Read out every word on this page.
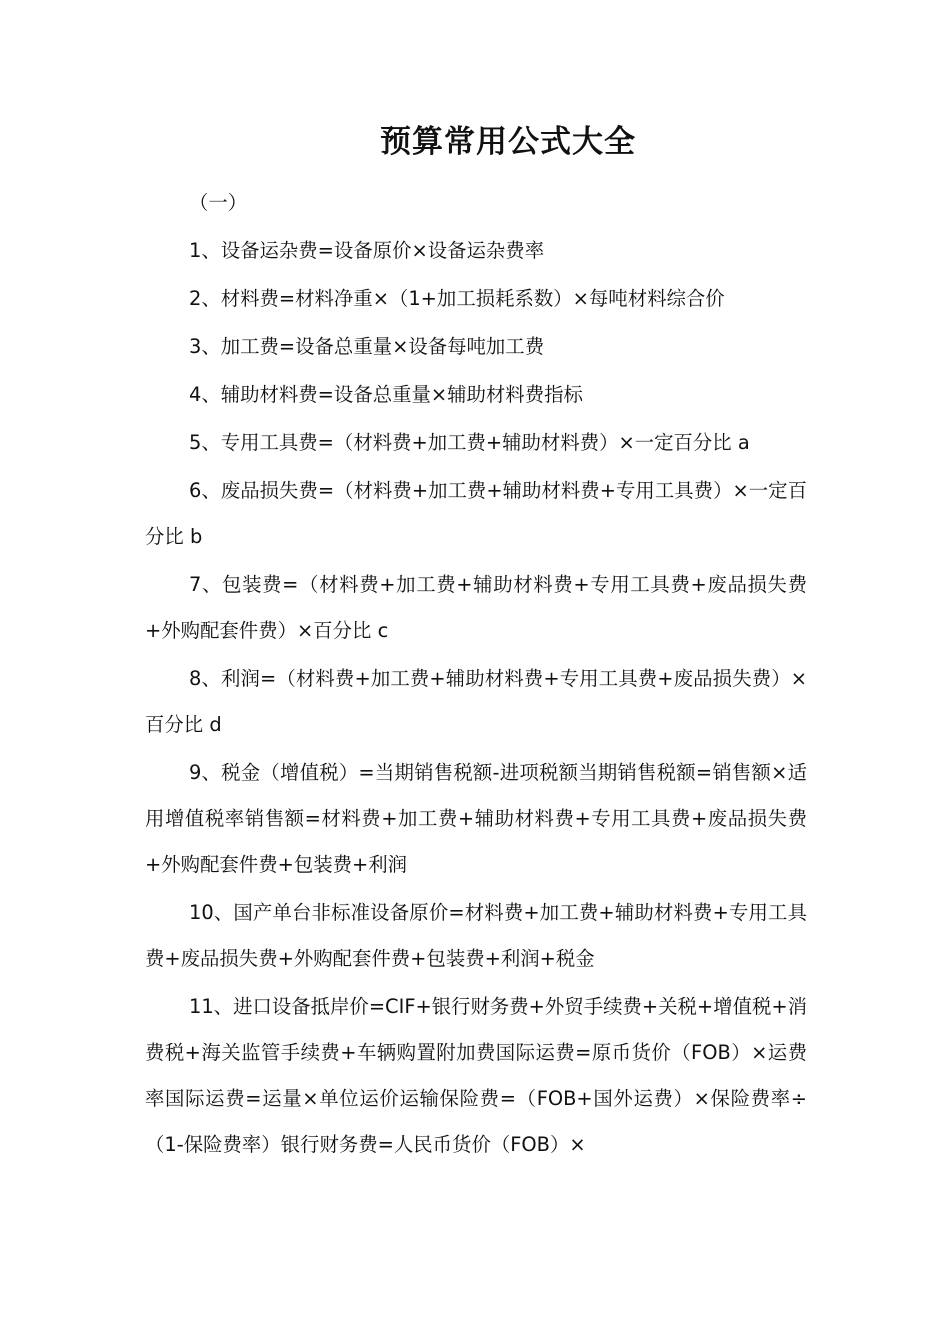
预算常用公式大全

（一）

1、设备运杂费=设备原价×设备运杂费率

2、材料费=材料净重×（1+加工损耗系数）×每吨材料综合价

3、加工费=设备总重量×设备每吨加工费

4、辅助材料费=设备总重量×辅助材料费指标

5、专用工具费=（材料费+加工费+辅助材料费）×一定百分比 a

6、废品损失费=（材料费+加工费+辅助材料费+专用工具费）×一定百分比 b

7、包装费=（材料费+加工费+辅助材料费+专用工具费+废品损失费+外购配套件费）×百分比 c

8、利润=（材料费+加工费+辅助材料费+专用工具费+废品损失费）×百分比 d

9、税金（增值税）=当期销售税额-进项税额当期销售税额=销售额×适用增值税率销售额=材料费+加工费+辅助材料费+专用工具费+废品损失费+外购配套件费+包装费+利润

10、国产单台非标准设备原价=材料费+加工费+辅助材料费+专用工具费+废品损失费+外购配套件费+包装费+利润+税金

11、进口设备抵岸价=CIF+银行财务费+外贸手续费+关税+增值税+消费税+海关监管手续费+车辆购置附加费国际运费=原币货价（FOB）×运费率国际运费=运量×单位运价运输保险费=（FOB+国外运费）×保险费率÷（1-保险费率）银行财务费=人民币货价（FOB）×
